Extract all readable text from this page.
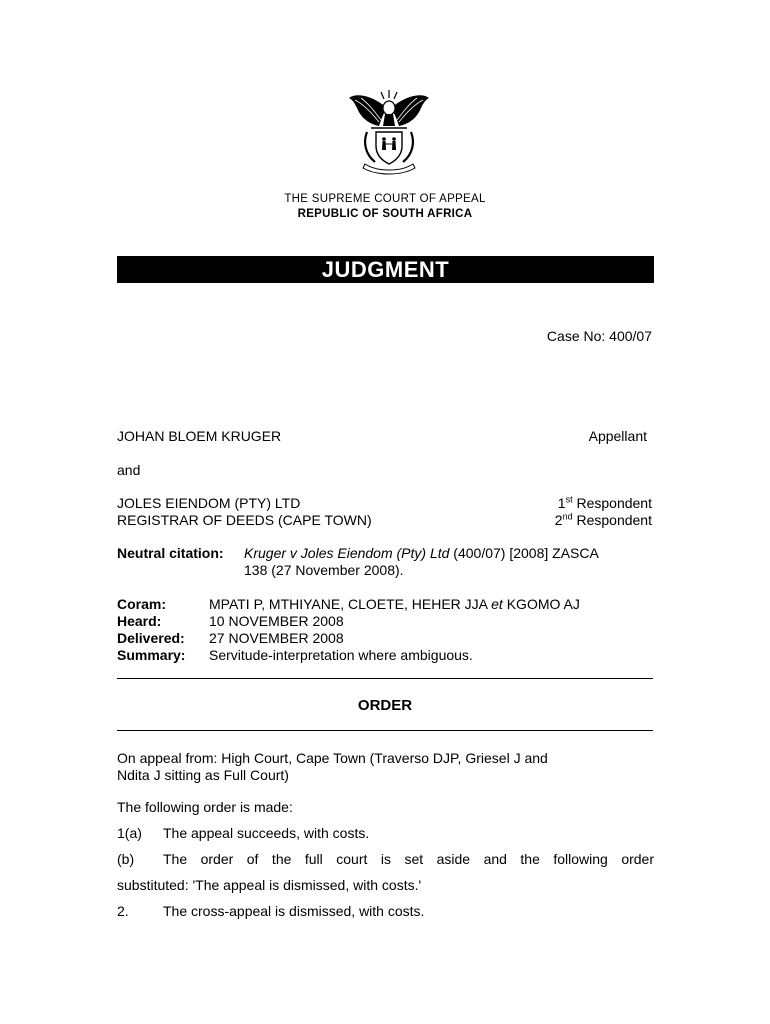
THE SUPREME COURT OF APPEAL
REPUBLIC OF SOUTH AFRICA
JUDGMENT
Case No: 400/07
JOHAN BLOEM KRUGER	Appellant
and
JOLES EIENDOM (PTY) LTD	1st Respondent
REGISTRAR OF DEEDS (CAPE TOWN)	2nd Respondent
Neutral citation: Kruger v Joles Eiendom (Pty) Ltd (400/07) [2008] ZASCA
138 (27 November 2008).
Coram:	MPATI P, MTHIYANE, CLOETE, HEHER JJA et KGOMO AJ
Heard:	10 NOVEMBER 2008
Delivered: 27 NOVEMBER 2008
Summary: Servitude-interpretation where ambiguous.
ORDER
On appeal from: High Court, Cape Town (Traverso DJP, Griesel J and
Ndita J sitting as Full Court)
The following order is made:
1(a) The appeal succeeds, with costs.
(b) The order of the full court is set aside and the following order
substituted: 'The appeal is dismissed, with costs.'
2. The cross-appeal is dismissed, with costs.
